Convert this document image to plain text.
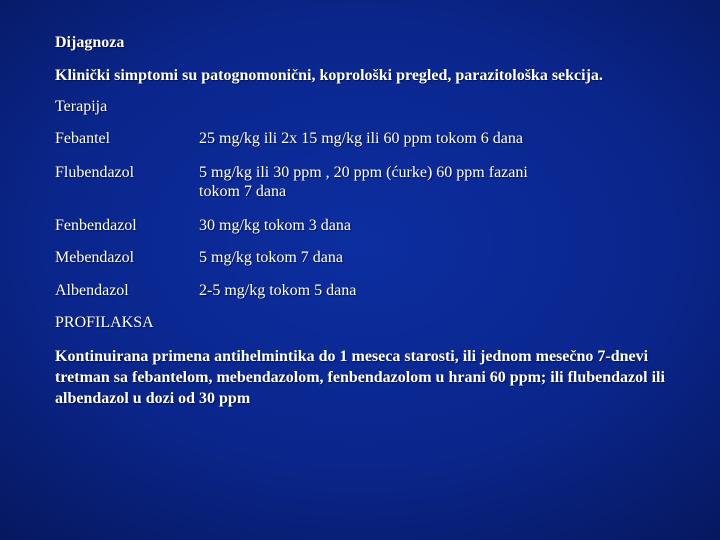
Dijagnoza
Klinički simptomi su patognomonični, koprološki pregled, parazitološka sekcija.
Terapija
Febantel	25 mg/kg ili 2x 15 mg/kg ili 60 ppm tokom 6 dana
Flubendazol	5 mg/kg ili 30 ppm , 20 ppm (ćurke) 60 ppm fazani tokom 7 dana
Fenbendazol	30 mg/kg tokom 3 dana
Mebendazol	5 mg/kg tokom 7 dana
Albendazol	2-5 mg/kg tokom 5 dana
PROFILAKSA
Kontinuirana primena antihelmintika do 1 meseca starosti, ili jednom mesečno 7-dnevi tretman sa febantelom, mebendazolom, fenbendazolom u hrani 60 ppm; ili flubendazol ili albendazol u dozi od 30 ppm
